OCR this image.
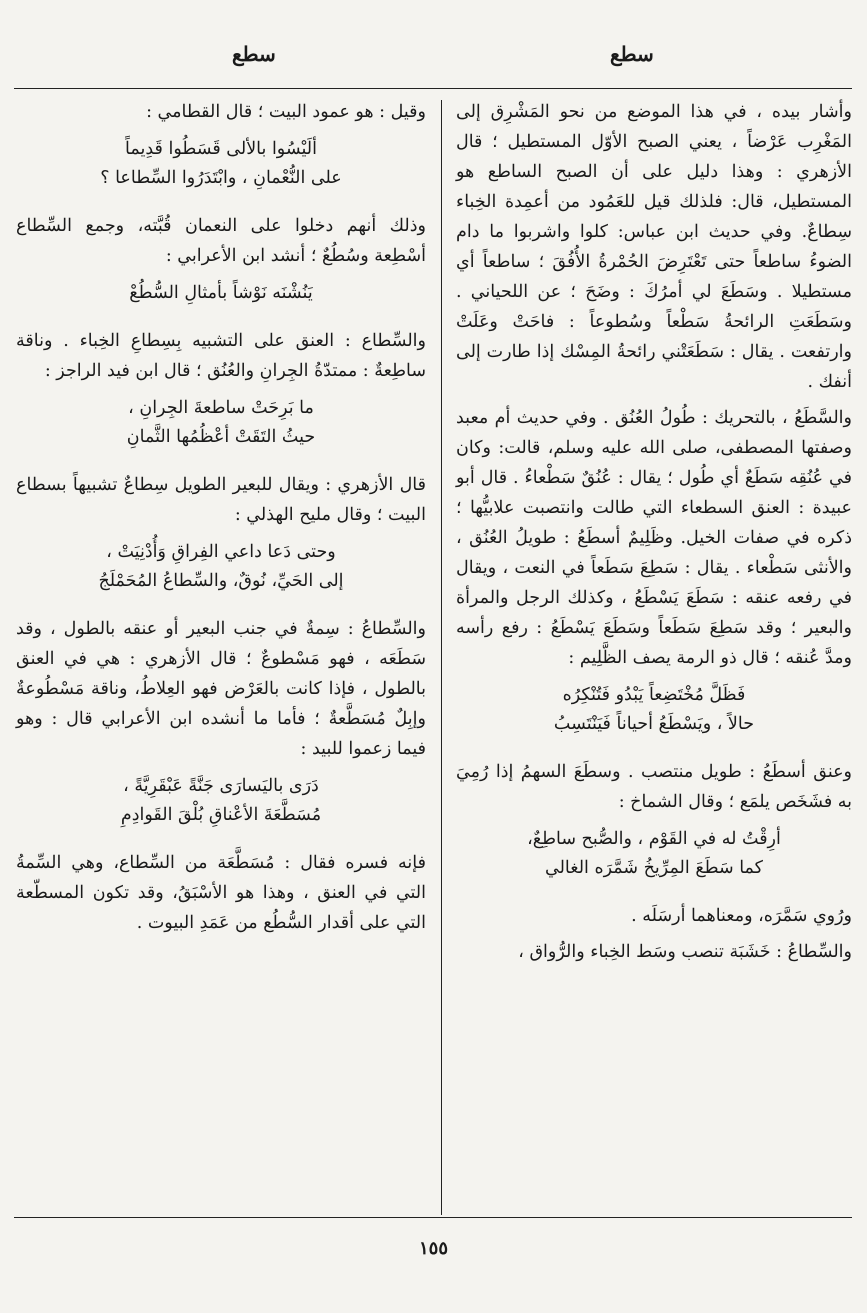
سطع	سطع

وأشار بيده ، في هذا الموضع من نحو المَشْرِق إلى المَغْرِب عَرْضاً ، يعني الصبح الأوّل المستطيل ؛ قال الأزهري : وهذا دليل على أن الصبح الساطع هو المستطيل، قال: فلذلك قيل للعَمُود من أعمِدة الخِباء سِطاعٌ. وفي حديث ابن عباس: كلوا واشربوا ما دام الضوءُ ساطعاً حتى تَعْتَرِضَ الحُمْرةُ الأُفُقَ ؛ ساطعاً أي مستطيلا . وسَطَعَ لي أمرُكَ : وضَحَ ؛ عن اللحياني . وسَطَعَتِ الرائحةُ سَطْعاً وسُطوعاً : فاحَتْ وعَلَتْ وارتفعت . يقال : سَطَعَتْني رائحةُ المِسْك إذا طارت إلى أنفك .

والسَّطَعُ ، بالتحريك : طُولُ العُنُق . وفي حديث أم معبد وصفتها المصطفى، صلى الله عليه وسلم، قالت: وكان في عُنُقِه سَطَعٌ أي طُول ؛ يقال : عُنُقٌ سَطْعاءُ . قال أبو عبيدة : العنق السطعاء التي طالت وانتصبت علابيُّها ؛ ذكره في صفات الخيل. وظَلِيمٌ أسطَعُ : طويلُ العُنُق ، والأنثى سَطْعاء . يقال : سَطِعَ سَطَعاً في النعت ، ويقال في رفعه عنقه : سَطَعَ يَسْطَعُ ، وكذلك الرجل والمرأة والبعير ؛ وقد سَطِعَ سَطَعاً وسَطَعَ يَسْطَعُ : رفع رأسه ومدَّ عُنقه ؛ قال ذو الرمة يصف الظَّلِيم :

فَظَلَّ مُخْتَضِعاً يَبْدُو فَتُنْكِرُه
حالاً ، ويَسْطَعُ أحياناً فَيَنْتَسِبُ

وعنق أسطَعُ : طويل منتصب . وسطَعَ السهمُ إذا رُمِيَ به فشَخَص يلمَع ؛ وقال الشماخ :

أرِقْتُ له في القَوْم ، والصُّبح ساطِعٌ،
كما سَطَعَ المِرِّيخُ شَمَّرَه الغالي

ورُوي سَمَّرَه، ومعناهما أرسَلَه .

والسِّطاعُ : خَشَبَة تنصب وسَط الخِباء والرُّواق ،

وقيل : هو عمود البيت ؛ قال القطامي :

ألَيْسُوا بالألى قَسَطُوا قَدِيماً
على النُّعْمانِ ، وابْتَدَرُوا السِّطاعا ؟

وذلك أنهم دخلوا على النعمان قُبَّته، وجمع السِّطاع أسْطِعة وسُطُعٌ ؛ أنشد ابن الأعرابي :

يَنُشْنَه نَوْشاً بأمثالِ السُّطُعْ

والسِّطاع : العنق على التشبيه بِسِطاعِ الخِباء . وناقة ساطِعةٌ : ممتدّةُ الجِرانِ والعُنُق ؛ قال ابن فيد الراجز :

ما بَرِحَتْ ساطعةَ الجِرانِ ،
حيثُ التَقَتْ أعْظُمُها الثَّمانِ

قال الأزهري : ويقال للبعير الطويل سِطاعٌ تشبيهاً بسطاع البيت ؛ وقال مليح الهذلي :

وحتى دَعا داعي الفِراقِ وَأُدْنِيَتْ ،
إلى الحَيِّ، نُوقٌ، والسِّطاعُ المُحَمْلَجُ

والسِّطاعُ : سِمةٌ في جنب البعير أو عنقه بالطول ، وقد سَطَعَه ، فهو مَسْطوعٌ ؛ قال الأزهري : هي في العنق بالطول ، فإذا كانت بالعَرْض فهو العِلاطُ، وناقة مَسْطُوعةٌ وإبِلٌ مُسَطَّعةٌ ؛ فأما ما أنشده ابن الأعرابي قال : وهو فيما زعموا للبيد :

دَرَى باليَسارَى جَنَّةً عَبْقَرِيَّةً ،
مُسَطَّعَةَ الأعْناقِ بُلْقَ القَوادِمِ

فإنه فسره فقال : مُسَطَّعَة من السِّطاع، وهي السِّمةُ التي في العنق ، وهذا هو الأسْبَقُ، وقد تكون المسطّعة التي على أقدار السُّطُع من عَمَدِ البيوت .

١٥٥
